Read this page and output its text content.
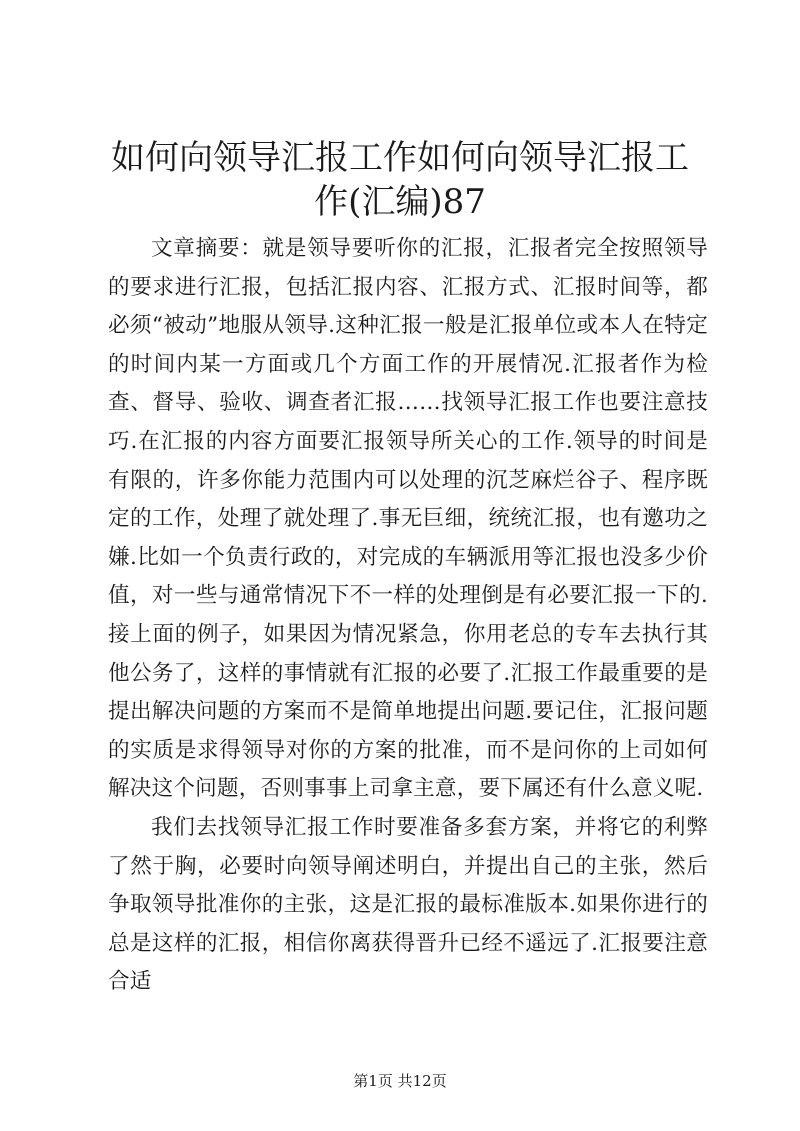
如何向领导汇报工作如何向领导汇报工作(汇编)87

文章摘要：就是领导要听你的汇报，汇报者完全按照领导的要求进行汇报，包括汇报内容、汇报方式、汇报时间等，都必须“被动”地服从领导.这种汇报一般是汇报单位或本人在特定的时间内某一方面或几个方面工作的开展情况.汇报者作为检查、督导、验收、调查者汇报……找领导汇报工作也要注意技巧.在汇报的内容方面要汇报领导所关心的工作.领导的时间是有限的，许多你能力范围内可以处理的沉芝麻烂谷子、程序既定的工作，处理了就处理了.事无巨细，统统汇报，也有邀功之嫌.比如一个负责行政的，对完成的车辆派用等汇报也没多少价值，对一些与通常情况下不一样的处理倒是有必要汇报一下的.接上面的例子，如果因为情况紧急，你用老总的专车去执行其他公务了，这样的事情就有汇报的必要了.汇报工作最重要的是提出解决问题的方案而不是简单地提出问题.要记住，汇报问题的实质是求得领导对你的方案的批准，而不是问你的上司如何解决这个问题，否则事事上司拿主意，要下属还有什么意义呢.

我们去找领导汇报工作时要准备多套方案，并将它的利弊了然于胸，必要时向领导阐述明白，并提出自己的主张，然后争取领导批准你的主张，这是汇报的最标准版本.如果你进行的总是这样的汇报，相信你离获得晋升已经不遥远了.汇报要注意合适

第1页 共12页
